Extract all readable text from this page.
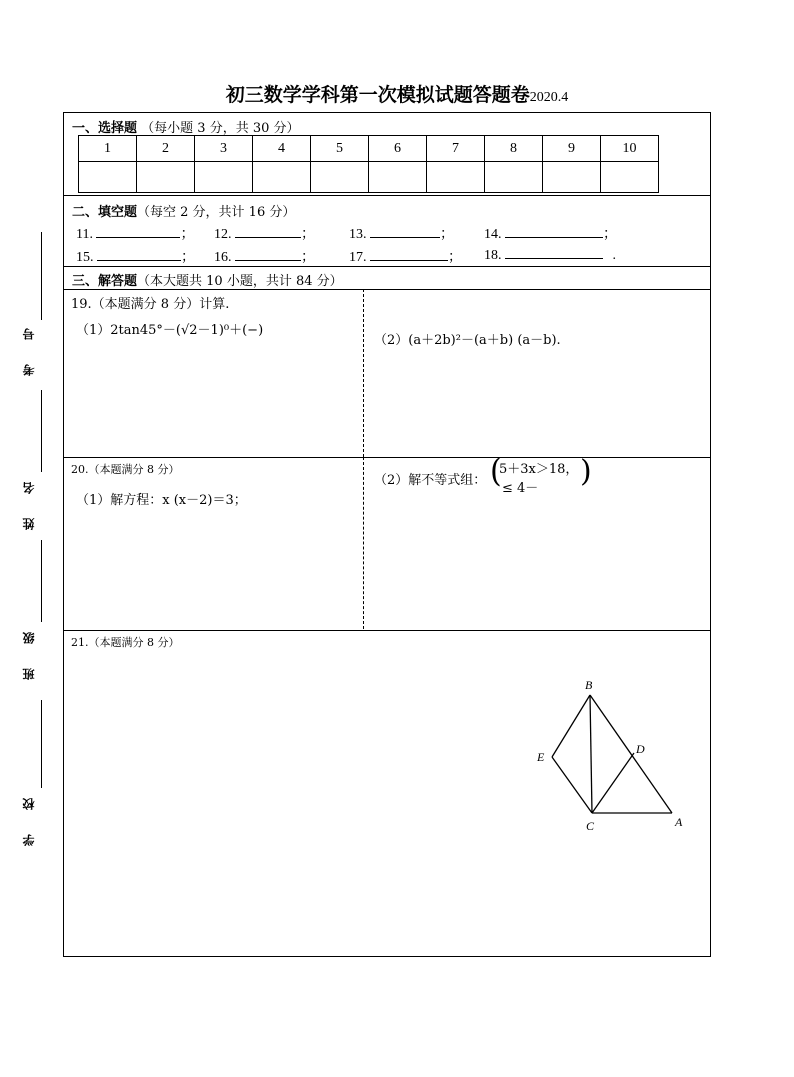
初三数学学科第一次模拟试题答题卷2020.4
考 号
姓 名
班 级
学 校
一、选择题 （每小题 3 分，共 30 分）
1	2	3	4	5	6	7	8	9	10

二、填空题（每空 2 分，共计 16 分）
11.	； 12.	； 13.	； 14.	；
15.	； 16.	； 17.	； 18.	.
三、解答题（本大题共 10 小题，共计 84 分）
19.（本题满分 8 分）计算.
（1）2tan45°－(√2－1)⁰＋(−)
（2）(a＋2b)²－(a＋b) (a－b).
20.（本题满分 8 分）
（1）解方程：x (x－2)＝3；
（2）解不等式组： (
5＋3x＞18，
≤ 4－ )
21.（本题满分 8 分）
B
E
D
C	A
